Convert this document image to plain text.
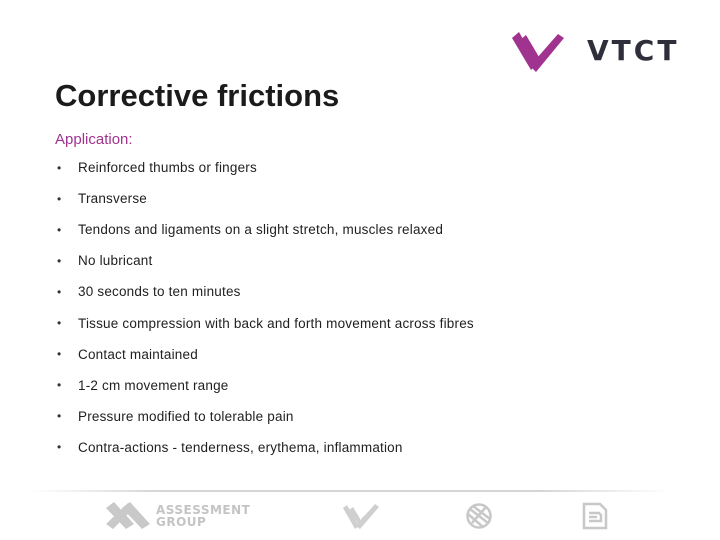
VTCT
Corrective frictions
Application:
•	Reinforced thumbs or fingers
•	Transverse
•	Tendons and ligaments on a slight stretch, muscles relaxed
•	No lubricant
•	30 seconds to ten minutes
•	Tissue compression with back and forth movement across fibres
•	Contact maintained
•	1-2 cm movement range
•	Pressure modified to tolerable pain
•	Contra-actions - tenderness, erythema, inflammation
ASSESSMENT
GROUP
